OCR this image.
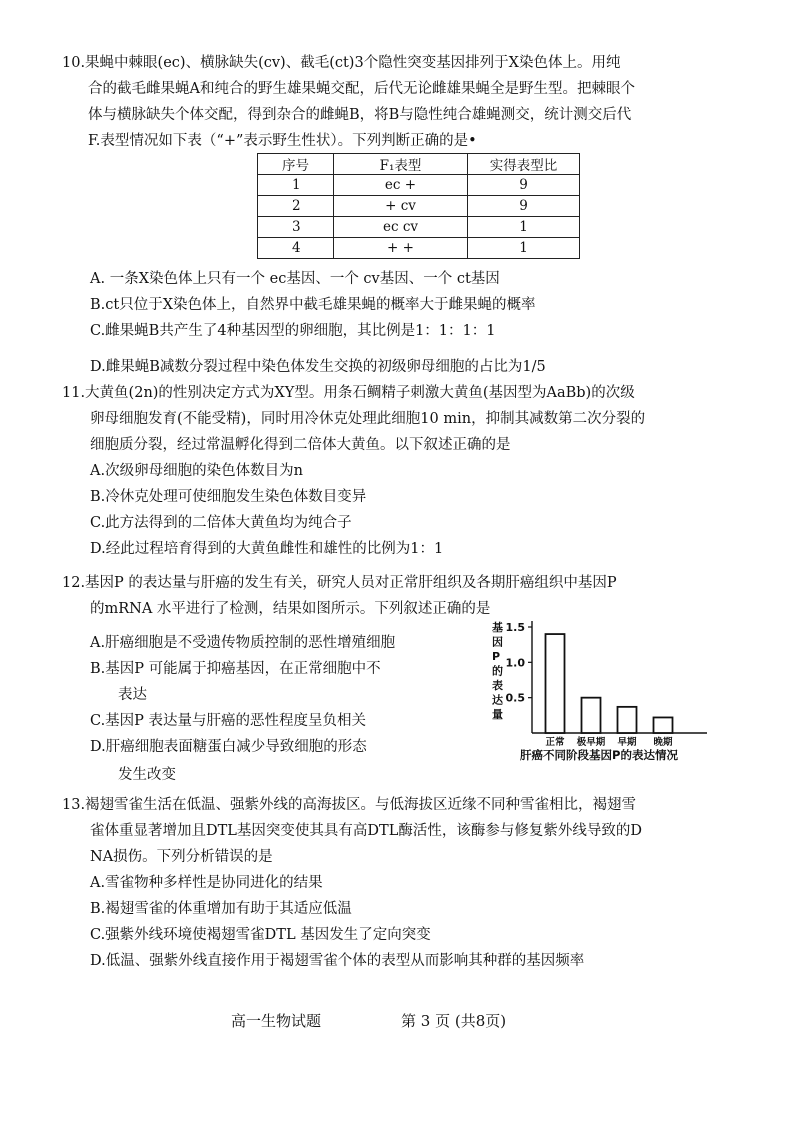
10.果蝇中棘眼(ec)、横脉缺失(cv)、截毛(ct)3个隐性突变基因排列于X染色体上。用纯
合的截毛雌果蝇A和纯合的野生雄果蝇交配，后代无论雌雄果蝇全是野生型。把棘眼个
体与横脉缺失个体交配，得到杂合的雌蝇B，将B与隐性纯合雄蝇测交，统计测交后代
F.表型情况如下表（“+”表示野生性状）。下列判断正确的是•
序号	F₁表型	实得表型比
1	ec +	9
2	+ cv	9
3	ec cv	1
4	+ +	1
A. 一条X染色体上只有一个 ec基因、一个 cv基因、一个 ct基因
B.ct只位于X染色体上，自然界中截毛雄果蝇的概率大于雌果蝇的概率
C.雌果蝇B共产生了4种基因型的卵细胞，其比例是1：1：1：1
D.雌果蝇B减数分裂过程中染色体发生交换的初级卵母细胞的占比为1/5
11.大黄鱼(2n)的性别决定方式为XY型。用条石鲷精子刺激大黄鱼(基因型为AaBb)的次级
卵母细胞发育(不能受精)，同时用冷休克处理此细胞10 min，抑制其减数第二次分裂的
细胞质分裂，经过常温孵化得到二倍体大黄鱼。以下叙述正确的是
A.次级卵母细胞的染色体数目为n
B.冷休克处理可使细胞发生染色体数目变异
C.此方法得到的二倍体大黄鱼均为纯合子
D.经此过程培育得到的大黄鱼雌性和雄性的比例为1：1
12.基因P 的表达量与肝癌的发生有关，研究人员对正常肝组织及各期肝癌组织中基因P
的mRNA 水平进行了检测，结果如图所示。下列叙述正确的是
A.肝癌细胞是不受遗传物质控制的恶性增殖细胞
B.基因P 可能属于抑癌基因，在正常细胞中不
表达
C.基因P 表达量与肝癌的恶性程度呈负相关
D.肝癌细胞表面糖蛋白减少导致细胞的形态
发生改变
基
因
P
的
表
达
量
0.5
1.0
1.5
正常 极早期 早期 晚期
肝癌不同阶段基因P的表达情况
13.褐翅雪雀生活在低温、强紫外线的高海拔区。与低海拔区近缘不同种雪雀相比，褐翅雪
雀体重显著增加且DTL基因突变使其具有高DTL酶活性，该酶参与修复紫外线导致的D
NA损伤。下列分析错误的是
A.雪雀物种多样性是协同进化的结果
B.褐翅雪雀的体重增加有助于其适应低温
C.强紫外线环境使褐翅雪雀DTL 基因发生了定向突变
D.低温、强紫外线直接作用于褐翅雪雀个体的表型从而影响其种群的基因频率
高一生物试题	第 3 页 (共8页)
